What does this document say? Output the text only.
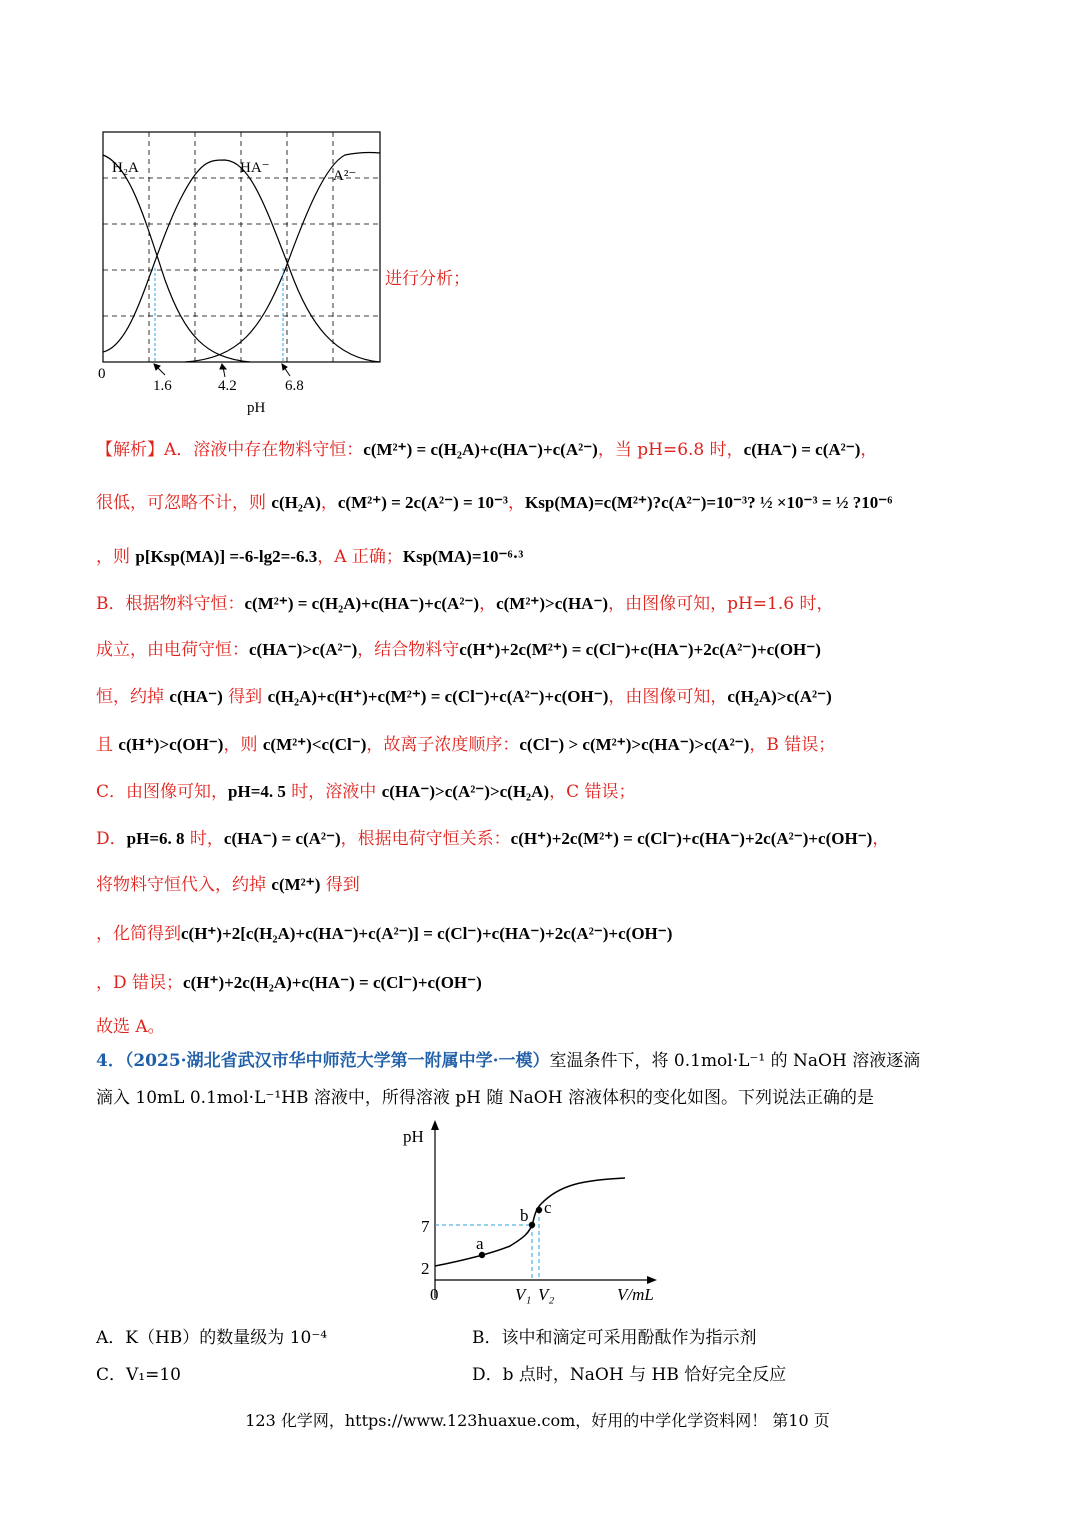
H₂A	HA⁻	A²⁻
0
1.6	4.2	6.8
pH
进行分析；
【解析】A．溶液中存在物料守恒：c(M²⁺) = c(H₂A)+c(HA⁻)+c(A²⁻)，当 pH=6.8 时，c(HA⁻) = c(A²⁻)，
很低，可忽略不计，则 c(H₂A)，c(M²⁺) = 2c(A²⁻) = 10⁻³，Ksp(MA)=c(M²⁺)?c(A²⁻)=10⁻³? ½ ×10⁻³ = ½ ?10⁻⁶
，则 p[Ksp(MA)] =-6-lg2=-6.3，A 正确；Ksp(MA)=10⁻⁶·³
B．根据物料守恒：c(M²⁺) = c(H₂A)+c(HA⁻)+c(A²⁻)，c(M²⁺)>c(HA⁻)，由图像可知，pH=1.6 时，
成立，由电荷守恒：c(HA⁻)>c(A²⁻)，结合物料守c(H⁺)+2c(M²⁺) = c(Cl⁻)+c(HA⁻)+2c(A²⁻)+c(OH⁻)
恒，约掉 c(HA⁻) 得到 c(H₂A)+c(H⁺)+c(M²⁺) = c(Cl⁻)+c(A²⁻)+c(OH⁻)，由图像可知，c(H₂A)>c(A²⁻)
且 c(H⁺)>c(OH⁻)，则 c(M²⁺)<c(Cl⁻)，故离子浓度顺序：c(Cl⁻) > c(M²⁺)>c(HA⁻)>c(A²⁻)，B 错误；
C．由图像可知，pH=4. 5 时，溶液中 c(HA⁻)>c(A²⁻)>c(H₂A)，C 错误；
D．pH=6. 8 时，c(HA⁻) = c(A²⁻)，根据电荷守恒关系：c(H⁺)+2c(M²⁺) = c(Cl⁻)+c(HA⁻)+2c(A²⁻)+c(OH⁻)，
将物料守恒代入，约掉 c(M²⁺) 得到
，化简得到c(H⁺)+2[c(H₂A)+c(HA⁻)+c(A²⁻)] = c(Cl⁻)+c(HA⁻)+2c(A²⁻)+c(OH⁻)
，D 错误；c(H⁺)+2c(H₂A)+c(HA⁻) = c(Cl⁻)+c(OH⁻)
故选 A。
4．（2025·湖北省武汉市华中师范大学第一附属中学·一模）室温条件下，将 0.1mol·L⁻¹ 的 NaOH 溶液逐滴
滴入 10mL 0.1mol·L⁻¹HB 溶液中，所得溶液 pH 随 NaOH 溶液体积的变化如图。下列说法正确的是
pH
7
2
0
a
b c
V₁ V₂	V/mL
A．K（HB）的数量级为 10⁻⁴	B．该中和滴定可采用酚酞作为指示剂
C．V₁=10	D．b 点时，NaOH 与 HB 恰好完全反应
123 化学网，https://www.123huaxue.com，好用的中学化学资料网！ 第10 页
